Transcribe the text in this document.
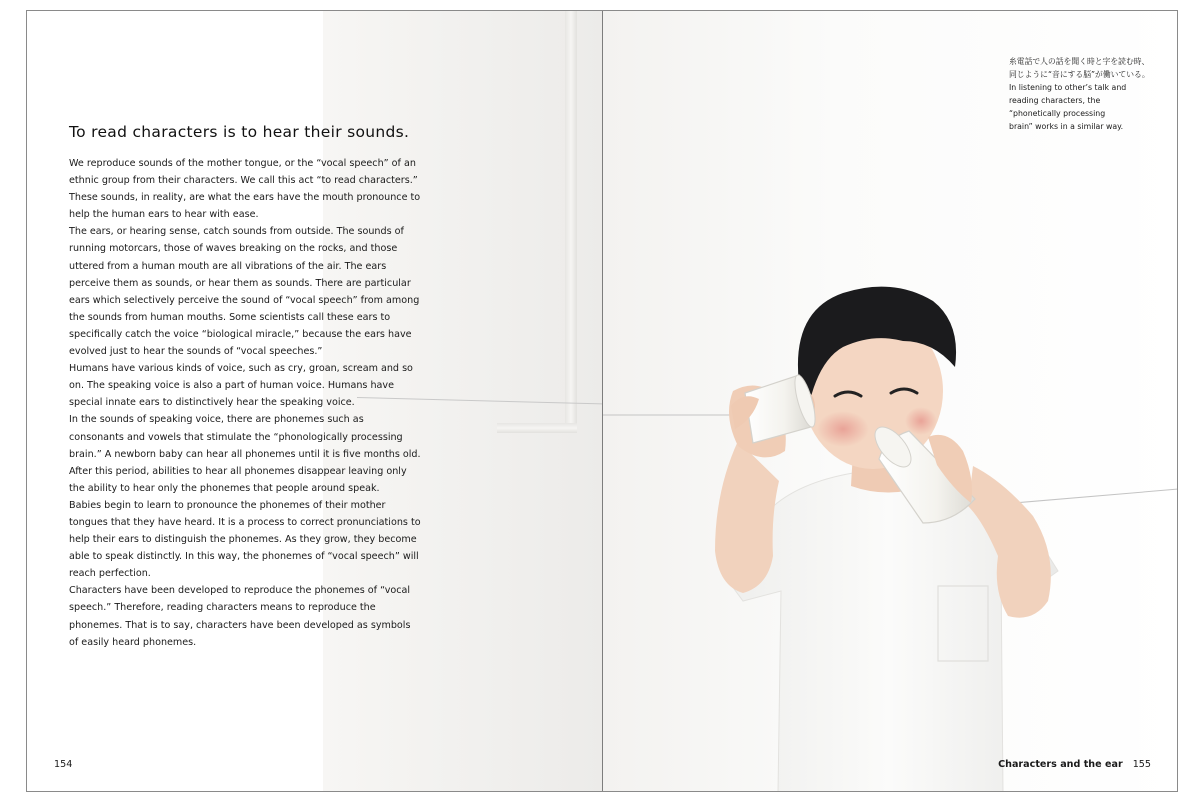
To read characters is to hear their sounds.

We reproduce sounds of the mother tongue, or the “vocal speech” of an ethnic group from their characters. We call this act “to read characters.”

These sounds, in reality, are what the ears have the mouth pronounce to help the human ears to hear with ease.

The ears, or hearing sense, catch sounds from outside. The sounds of running motorcars, those of waves breaking on the rocks, and those uttered from a human mouth are all vibrations of the air. The ears perceive them as sounds, or hear them as sounds. There are particular ears which selectively perceive the sound of “vocal speech” from among the sounds from human mouths. Some scientists call these ears to specifically catch the voice “biological miracle,” because the ears have evolved just to hear the sounds of “vocal speeches.”

Humans have various kinds of voice, such as cry, groan, scream and so on. The speaking voice is also a part of human voice. Humans have special innate ears to distinctively hear the speaking voice.

In the sounds of speaking voice, there are phonemes such as consonants and vowels that stimulate the “phonologically processing brain.” A newborn baby can hear all phonemes until it is five months old. After this period, abilities to hear all phonemes disappear leaving only the ability to hear only the phonemes that people around speak.

Babies begin to learn to pronounce the phonemes of their mother tongues that they have heard. It is a process to correct pronunciations to help their ears to distinguish the phonemes. As they grow, they become able to speak distinctly. In this way, the phonemes of “vocal speech” will reach perfection.

Characters have been developed to reproduce the phonemes of “vocal speech.” Therefore, reading characters means to reproduce the phonemes. That is to say, characters have been developed as symbols of easily heard phonemes.

154

糸電話で人の話を聞く時と字を読む時、

同じように“音にする脳”が働いている。

In listening to other’s talk and

reading characters, the

“phonetically processing

brain” works in a similar way.

Characters and the ear 155
